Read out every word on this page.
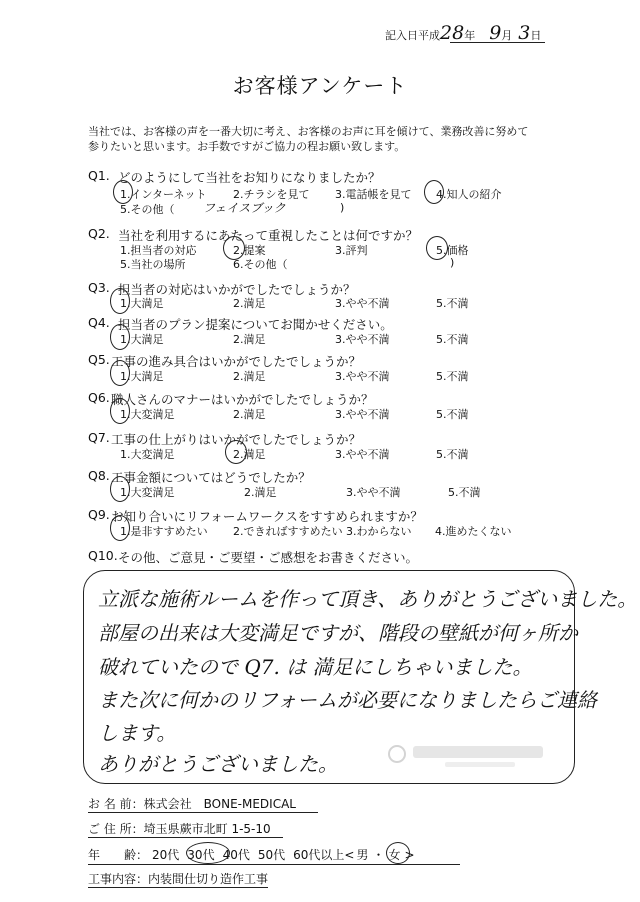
記入日平成28年 9月 3日
お客様アンケート
当社では、お客様の声を一番大切に考え、お客様のお声に耳を傾けて、業務改善に努めて
参りたいと思います。お手数ですがご協力の程お願い致します。
Q1. どのようにして当社をお知りになりましたか？
1.インターネット 2.チラシを見て 3.電話帳を見て 4.知人の紹介
5.その他（ フェイスブック	)
Q2. 当社を利用するにあたって重視したことは何ですか？
1.担当者の対応	2.提案	3.評判	5.価格
5.当社の場所	6.その他（	)
Q3. 担当者の対応はいかがでしたでしょうか？
1.大満足	2.満足	3.やや不満	5.不満
Q4. 担当者のプラン提案についてお聞かせください。
1.大満足	2.満足	3.やや不満	5.不満
Q5. 工事の進み具合はいかがでしたでしょうか？
1.大満足	2.満足	3.やや不満	5.不満
Q6. 職人さんのマナーはいかがでしたでしょうか？
1.大変満足	2.満足	3.やや不満	5.不満
Q7. 工事の仕上がりはいかがでしたでしょうか？
1.大変満足	2.満足	3.やや不満	5.不満
Q8. 工事金額についてはどうでしたか？
1.大変満足	2.満足	3.やや不満	5.不満
Q9. お知り合いにリフォームワークスをすすめられますか？
1.是非すすめたい 2.できればすすめたい 3.わからない 4.進めたくない
Q10. その他、ご意見・ご要望・ご感想をお書きください。
立派な施術ルームを作って頂き、ありがとうございました。
部屋の出来は大変満足ですが、階段の壁紙が何ヶ所か
破れていたので Q7. は 満足にしちゃいました。
また次に何かのリフォームが必要になりましたらご連絡
します。
ありがとうございました。
お 名 前：株式会社　BONE-MEDICAL
ご 住 所：埼玉県蕨市北町 1-5-10
年　　齢： 20代 30代 40代 50代 60代以上< 男 ・ 女 >
工事内容：内装間仕切り造作工事
